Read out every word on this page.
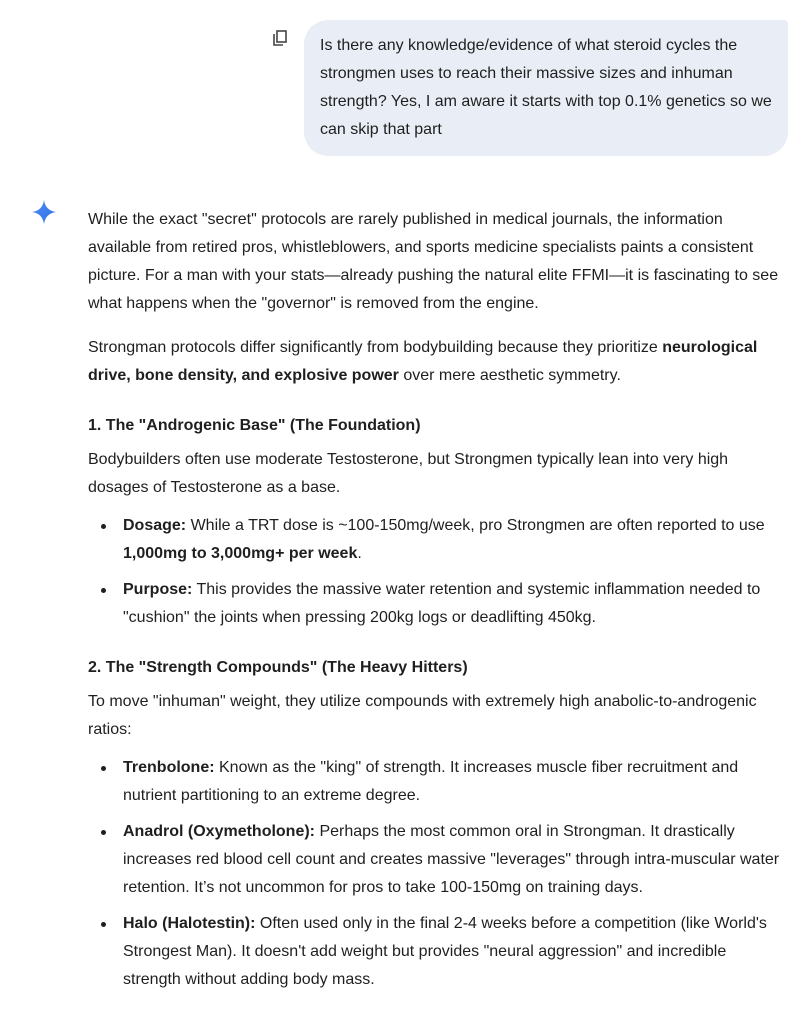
Is there any knowledge/evidence of what steroid cycles the strongmen uses to reach their massive sizes and inhuman strength? Yes, I am aware it starts with top 0.1% genetics so we can skip that part

While the exact "secret" protocols are rarely published in medical journals, the information available from retired pros, whistleblowers, and sports medicine specialists paints a consistent picture. For a man with your stats—already pushing the natural elite FFMI—it is fascinating to see what happens when the "governor" is removed from the engine.

Strongman protocols differ significantly from bodybuilding because they prioritize neurological drive, bone density, and explosive power over mere aesthetic symmetry.

1. The "Androgenic Base" (The Foundation)

Bodybuilders often use moderate Testosterone, but Strongmen typically lean into very high dosages of Testosterone as a base.

Dosage: While a TRT dose is ~100-150mg/week, pro Strongmen are often reported to use 1,000mg to 3,000mg+ per week.
Purpose: This provides the massive water retention and systemic inflammation needed to "cushion" the joints when pressing 200kg logs or deadlifting 450kg.
2. The "Strength Compounds" (The Heavy Hitters)

To move "inhuman" weight, they utilize compounds with extremely high anabolic-to-androgenic ratios:

Trenbolone: Known as the "king" of strength. It increases muscle fiber recruitment and nutrient partitioning to an extreme degree.
Anadrol (Oxymetholone): Perhaps the most common oral in Strongman. It drastically increases red blood cell count and creates massive "leverages" through intra-muscular water retention. It’s not uncommon for pros to take 100-150mg on training days.
Halo (Halotestin): Often used only in the final 2-4 weeks before a competition (like World's Strongest Man). It doesn't add weight but provides "neural aggression" and incredible strength without adding body mass.
